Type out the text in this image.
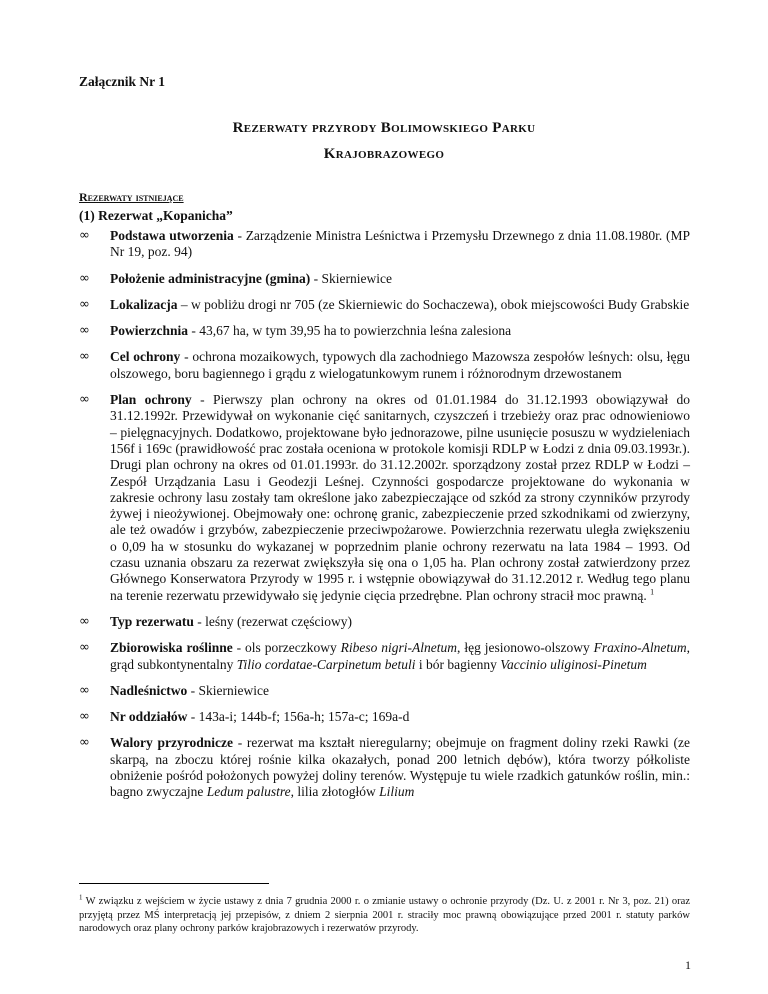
Załącznik Nr 1
Rezerwaty przyrody Bolimowskiego Parku
Krajobrazowego
Rezerwaty istniejące
(1) Rezerwat „Kopanicha”
∞ Podstawa utworzenia - Zarządzenie Ministra Leśnictwa i Przemysłu Drzewnego z dnia 11.08.1980r. (MP Nr 19, poz. 94)
∞ Położenie administracyjne (gmina) - Skierniewice
∞ Lokalizacja – w pobliżu drogi nr 705 (ze Skierniewic do Sochaczewa), obok miejscowości Budy Grabskie
∞ Powierzchnia - 43,67 ha, w tym 39,95 ha to powierzchnia leśna zalesiona
∞ Cel ochrony - ochrona mozaikowych, typowych dla zachodniego Mazowsza zespołów leśnych: olsu, łęgu olszowego, boru bagiennego i grądu z wielogatunkowym runem i różnorodnym drzewostanem
∞ Plan ochrony - Pierwszy plan ochrony na okres od 01.01.1984 do 31.12.1993 obowiązywał do 31.12.1992r. Przewidywał on wykonanie cięć sanitarnych, czyszczeń i trzebieży oraz prac odnowieniowo – pielęgnacyjnych. Dodatkowo, projektowane było jednorazowe, pilne usunięcie posuszu w wydzieleniach 156f i 169c (prawidłowość prac została oceniona w protokole komisji RDLP w Łodzi z dnia 09.03.1993r.). Drugi plan ochrony na okres od 01.01.1993r. do 31.12.2002r. sporządzony został przez RDLP w Łodzi – Zespół Urządzania Lasu i Geodezji Leśnej. Czynności gospodarcze projektowane do wykonania w zakresie ochrony lasu zostały tam określone jako zabezpieczające od szkód za strony czynników przyrody żywej i nieożywionej. Obejmowały one: ochronę granic, zabezpieczenie przed szkodnikami od zwierzyny, ale też owadów i grzybów, zabezpieczenie przeciwpożarowe. Powierzchnia rezerwatu uległa zwiększeniu o 0,09 ha w stosunku do wykazanej w poprzednim planie ochrony rezerwatu na lata 1984 – 1993. Od czasu uznania obszaru za rezerwat zwiększyła się ona o 1,05 ha. Plan ochrony został zatwierdzony przez Głównego Konserwatora Przyrody w 1995 r. i wstępnie obowiązywał do 31.12.2012 r. Według tego planu na terenie rezerwatu przewidywało się jedynie cięcia przedrębne. Plan ochrony stracił moc prawną. $^1$
∞ Typ rezerwatu - leśny (rezerwat częściowy)
∞ Zbiorowiska roślinne - ols porzeczkowy Ribeso nigri-Alnetum, łęg jesionowo-olszowy Fraxino-Alnetum, grąd subkontynentalny Tilio cordatae-Carpinetum betuli i bór bagienny Vaccinio uliginosi-Pinetum
∞ Nadleśnictwo - Skierniewice
∞ Nr oddziałów - 143a-i; 144b-f; 156a-h; 157a-c; 169a-d
∞ Walory przyrodnicze - rezerwat ma kształt nieregularny; obejmuje on fragment doliny rzeki Rawki (ze skarpą, na zboczu której rośnie kilka okazałych, ponad 200 letnich dębów), która tworzy półkoliste obniżenie pośród położonych powyżej doliny terenów. Występuje tu wiele rzadkich gatunków roślin, min.: bagno zwyczajne Ledum palustre, lilia złotogłów Lilium
$^1$ W związku z wejściem w życie ustawy z dnia 7 grudnia 2000 r. o zmianie ustawy o ochronie przyrody (Dz. U. z 2001 r. Nr 3, poz. 21) oraz przyjętą przez MŚ interpretacją jej przepisów, z dniem 2 sierpnia 2001 r. straciły moc prawną obowiązujące przed 2001 r. statuty parków narodowych oraz plany ochrony parków krajobrazowych i rezerwatów przyrody.
1
